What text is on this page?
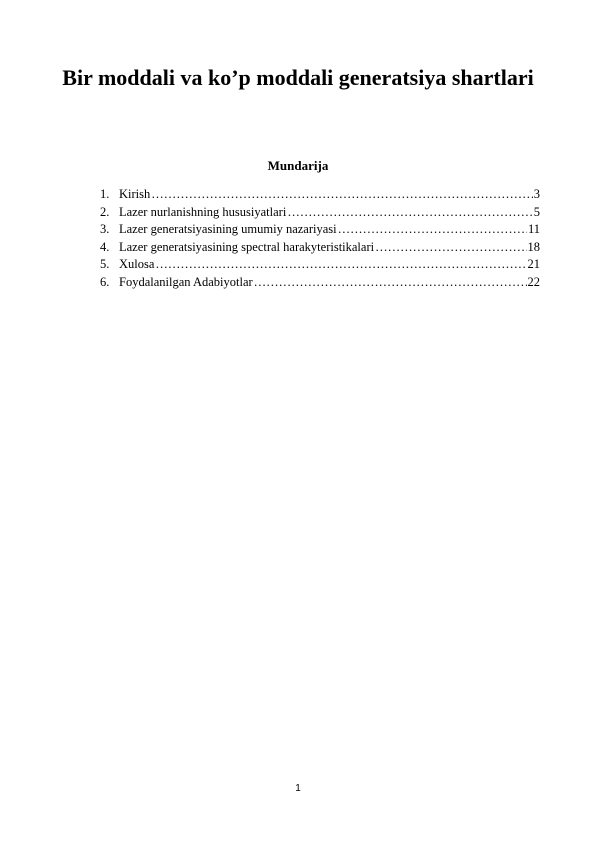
Bir moddali va ko’p moddali generatsiya shartlari
Mundarija
1. Kirish ……………………………………………………………………………………………………………………………………………………………………	3
2. Lazer nurlanishning hususiyatlari ……………………………………………………………………………………………………………………………………………………………………	5
3. Lazer generatsiyasining umumiy nazariyasi ……………………………………………………………………………………………………………………………………………………………………	11
4. Lazer generatsiyasining spectral harakyteristikalari ……………………………………………………………………………………………………………………………………………………………………	18
5. Xulosa ……………………………………………………………………………………………………………………………………………………………………	21
6. Foydalanilgan Adabiyotlar ……………………………………………………………………………………………………………………………………………………………………	22
1
